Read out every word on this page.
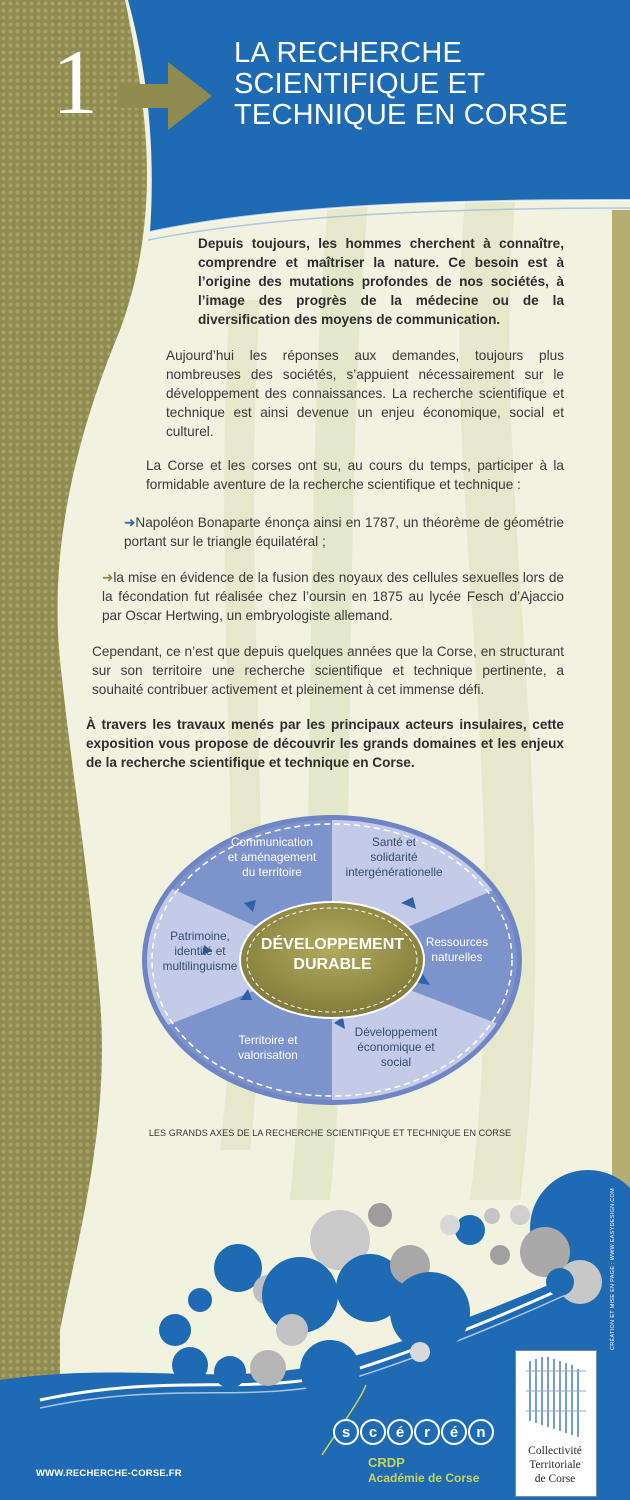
s c é r é n
1	LA RECHERCHE
SCIENTIFIQUE ET
TECHNIQUE EN CORSE
Depuis toujours, les hommes cherchent à connaître, comprendre et maîtriser la nature. Ce besoin est à l’origine des mutations profondes de nos sociétés, à l’image des progrès de la médecine ou de la diversification des moyens de communication.
Aujourd’hui les réponses aux demandes, toujours plus nombreuses des sociétés, s’appuient nécessairement sur le développement des connaissances. La recherche scientifique et technique est ainsi devenue un enjeu économique, social et culturel.
La Corse et les corses ont su, au cours du temps, participer à la formidable aventure de la recherche scientifique et technique :
➜Napoléon Bonaparte énonça ainsi en 1787, un théorème de géométrie portant sur le triangle équilatéral ;
➜la mise en évidence de la fusion des noyaux des cellules sexuelles lors de la fécondation fut réalisée chez l’oursin en 1875 au lycée Fesch d’Ajaccio par Oscar Hertwing, un embryologiste allemand.
Cependant, ce n’est que depuis quelques années que la Corse, en structurant sur son territoire une recherche scientifique et technique pertinente, a souhaité contribuer activement et pleinement à cet immense défi.
À travers les travaux menés par les principaux acteurs insulaires, cette exposition vous propose de découvrir les grands domaines et les enjeux de la recherche scientifique et technique en Corse.
DÉVELOPPEMENT
DURABLE
Communication
et aménagement
du territoire
Santé et
solidarité
intergénérationelle
Ressources
naturelles
Développement
économique et
social
Territoire et
valorisation
Patrimoine,
identité et
multilinguisme
LES GRANDS AXES DE LA RECHERCHE SCIENTIFIQUE ET TECHNIQUE EN CORSE
WWW.RECHERCHE-CORSE.FR
CRDP
Académie de Corse
Collectivité
Territoriale
de Corse
CRÉATION ET MISE EN PAGE : WWW.EASYDESIGN.COM
